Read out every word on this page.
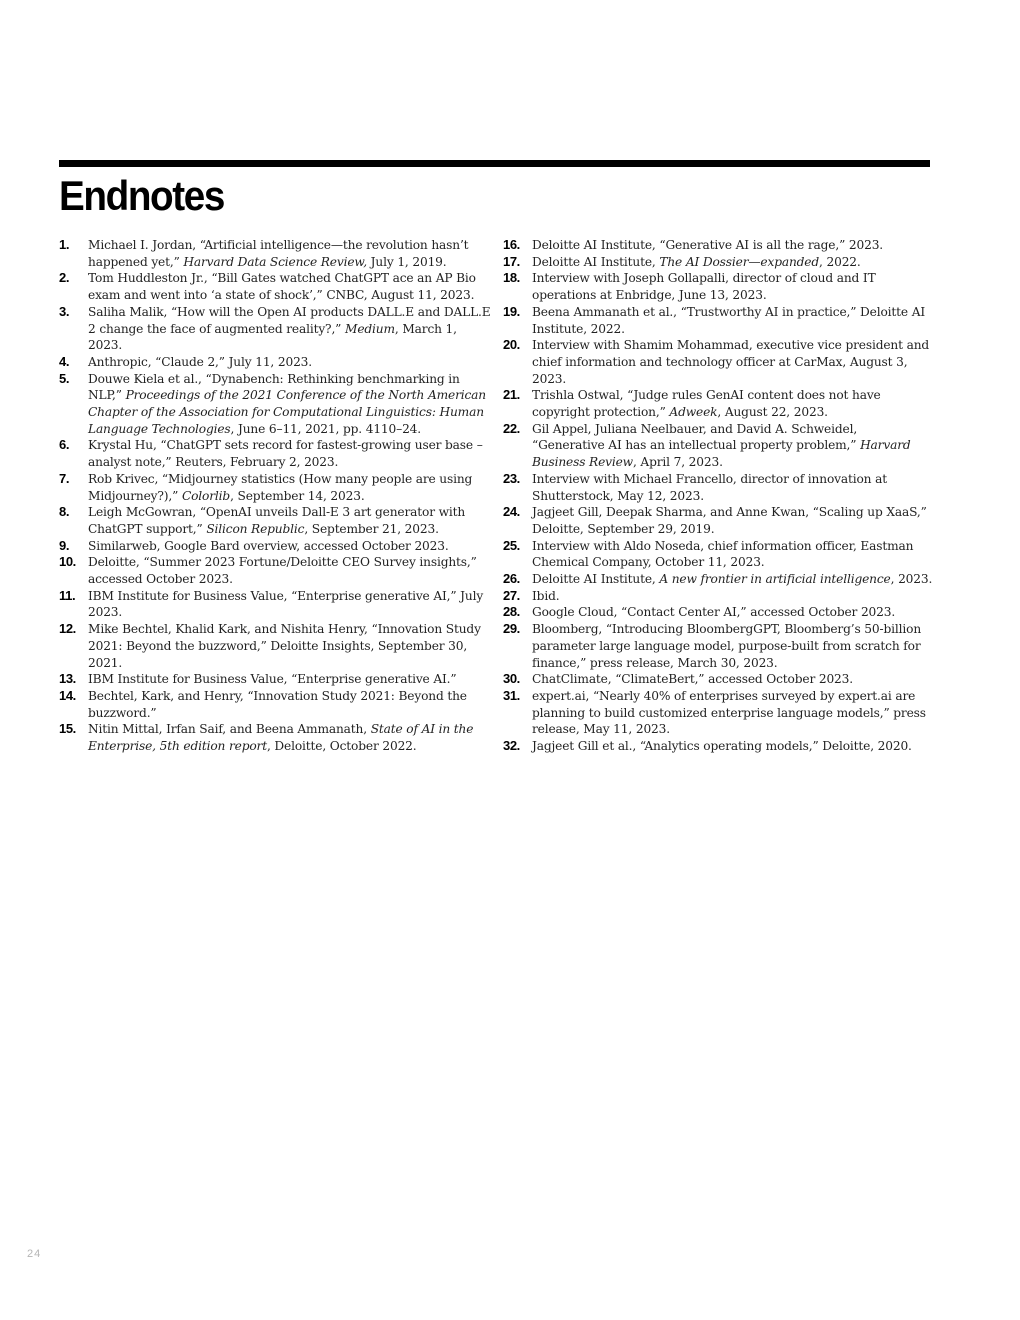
Endnotes
1.	Michael I. Jordan, “Artificial intelligence—the revolution hasn’t happened yet,” Harvard Data Science Review, July 1, 2019.
2.	Tom Huddleston Jr., “Bill Gates watched ChatGPT ace an AP Bio exam and went into ‘a state of shock’,” CNBC, August 11, 2023.
3.	Saliha Malik, “How will the Open AI products DALL.E and DALL.E 2 change the face of augmented reality?,” Medium, March 1, 2023.
4.	Anthropic, “Claude 2,” July 11, 2023.
5.	Douwe Kiela et al., “Dynabench: Rethinking benchmarking in NLP,” Proceedings of the 2021 Conference of the North American Chapter of the Association for Computational Linguistics: Human Language Technologies, June 6–11, 2021, pp. 4110–24.
6.	Krystal Hu, “ChatGPT sets record for fastest-growing user base – analyst note,” Reuters, February 2, 2023.
7.	Rob Krivec, “Midjourney statistics (How many people are using Midjourney?),” Colorlib, September 14, 2023.
8.	Leigh McGowran, “OpenAI unveils Dall-E 3 art generator with ChatGPT support,” Silicon Republic, September 21, 2023.
9.	Similarweb, Google Bard overview, accessed October 2023.
10. Deloitte, “Summer 2023 Fortune/Deloitte CEO Survey insights,” accessed October 2023.
11.	IBM Institute for Business Value, “Enterprise generative AI,” July 2023.
12. Mike Bechtel, Khalid Kark, and Nishita Henry, “Innovation Study 2021: Beyond the buzzword,” Deloitte Insights, September 30, 2021.
13. IBM Institute for Business Value, “Enterprise generative AI.”
14. Bechtel, Kark, and Henry, “Innovation Study 2021: Beyond the buzzword.”
15. Nitin Mittal, Irfan Saif, and Beena Ammanath, State of AI in the Enterprise, 5th edition report, Deloitte, October 2022.
16. Deloitte AI Institute, “Generative AI is all the rage,” 2023.
17. Deloitte AI Institute, The AI Dossier—expanded, 2022.
18. Interview with Joseph Gollapalli, director of cloud and IT operations at Enbridge, June 13, 2023.
19. Beena Ammanath et al., “Trustworthy AI in practice,” Deloitte AI Institute, 2022.
20. Interview with Shamim Mohammad, executive vice president and chief information and technology officer at CarMax, August 3, 2023.
21. Trishla Ostwal, “Judge rules GenAI content does not have copyright protection,” Adweek, August 22, 2023.
22. Gil Appel, Juliana Neelbauer, and David A. Schweidel, “Generative AI has an intellectual property problem,” Harvard Business Review, April 7, 2023.
23. Interview with Michael Francello, director of innovation at Shutterstock, May 12, 2023.
24. Jagjeet Gill, Deepak Sharma, and Anne Kwan, “Scaling up XaaS,” Deloitte, September 29, 2019.
25. Interview with Aldo Noseda, chief information officer, Eastman Chemical Company, October 11, 2023.
26. Deloitte AI Institute, A new frontier in artificial intelligence, 2023.
27. Ibid.
28. Google Cloud, “Contact Center AI,” accessed October 2023.
29. Bloomberg, “Introducing BloombergGPT, Bloomberg’s 50-billion parameter large language model, purpose-built from scratch for finance,” press release, March 30, 2023.
30. ChatClimate, “ClimateBert,” accessed October 2023.
31. expert.ai, “Nearly 40% of enterprises surveyed by expert.ai are planning to build customized enterprise language models,” press release, May 11, 2023.
32. Jagjeet Gill et al., “Analytics operating models,” Deloitte, 2020.
24
